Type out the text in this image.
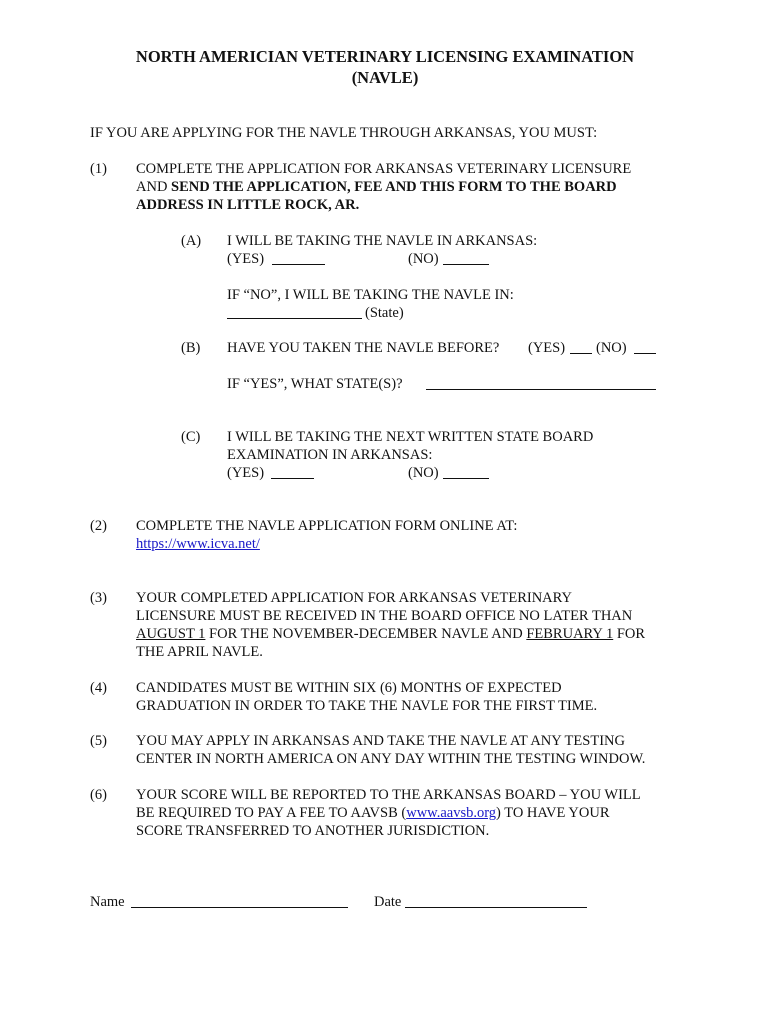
NORTH AMERICIAN VETERINARY LICENSING EXAMINATION
(NAVLE)
IF YOU ARE APPLYING FOR THE NAVLE THROUGH ARKANSAS, YOU MUST:
(1) COMPLETE THE APPLICATION FOR ARKANSAS VETERINARY LICENSURE
AND SEND THE APPLICATION, FEE AND THIS FORM TO THE BOARD
ADDRESS IN LITTLE ROCK, AR.
(A) I WILL BE TAKING THE NAVLE IN ARKANSAS:
(YES)	(NO)
IF “NO”, I WILL BE TAKING THE NAVLE IN:
(State)
(B) HAVE YOU TAKEN THE NAVLE BEFORE? (YES) (NO)
IF “YES”, WHAT STATE(S)?
(C) I WILL BE TAKING THE NEXT WRITTEN STATE BOARD
EXAMINATION IN ARKANSAS:
(YES)	(NO)
(2) COMPLETE THE NAVLE APPLICATION FORM ONLINE AT:
https://www.icva.net/
(3) YOUR COMPLETED APPLICATION FOR ARKANSAS VETERINARY
LICENSURE MUST BE RECEIVED IN THE BOARD OFFICE NO LATER THAN
AUGUST 1 FOR THE NOVEMBER-DECEMBER NAVLE AND FEBRUARY 1 FOR
THE APRIL NAVLE.
(4) CANDIDATES MUST BE WITHIN SIX (6) MONTHS OF EXPECTED
GRADUATION IN ORDER TO TAKE THE NAVLE FOR THE FIRST TIME.
(5) YOU MAY APPLY IN ARKANSAS AND TAKE THE NAVLE AT ANY TESTING
CENTER IN NORTH AMERICA ON ANY DAY WITHIN THE TESTING WINDOW.
(6) YOUR SCORE WILL BE REPORTED TO THE ARKANSAS BOARD – YOU WILL
BE REQUIRED TO PAY A FEE TO AAVSB (www.aavsb.org) TO HAVE YOUR
SCORE TRANSFERRED TO ANOTHER JURISDICTION.
Name	Date
